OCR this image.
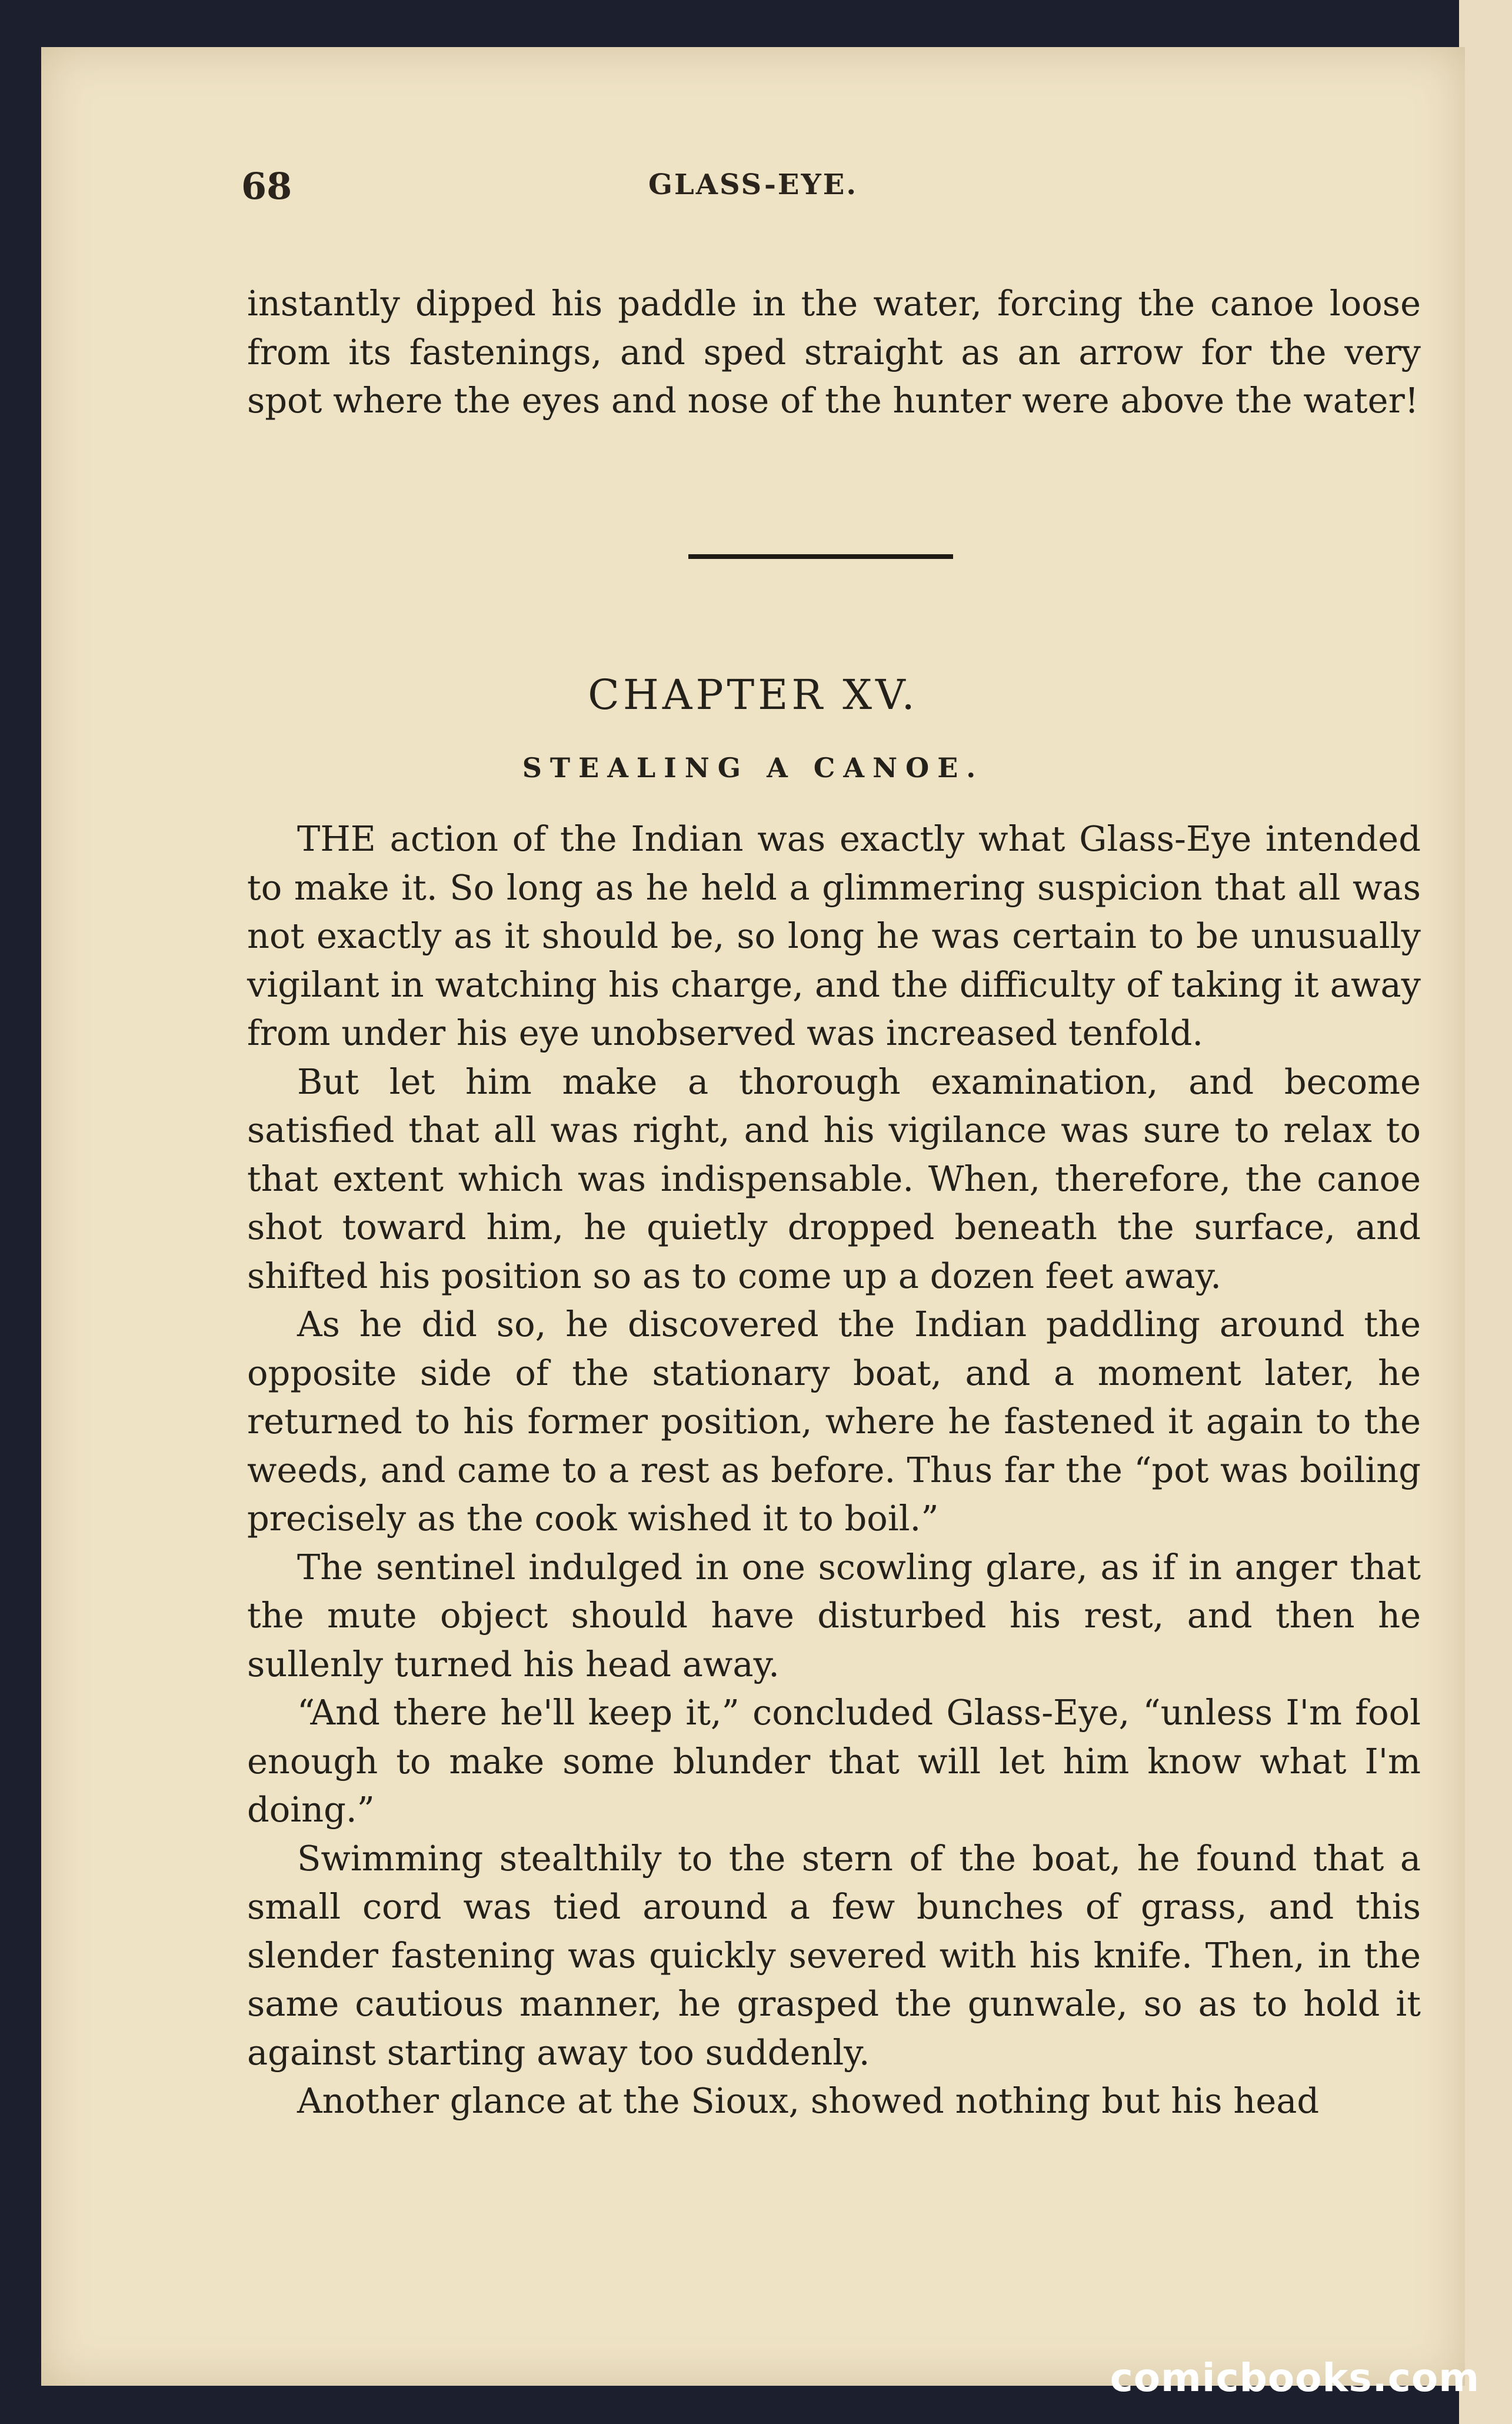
68	GLASS-EYE.

instantly dipped his paddle in the water, forcing the canoe loose from its fastenings, and sped straight as an arrow for the very spot where the eyes and nose of the hunter were above the water!

CHAPTER XV.
STEALING A CANOE.

THE action of the Indian was exactly what Glass-Eye intended to make it. So long as he held a glimmering suspicion that all was not exactly as it should be, so long he was certain to be unusually vigilant in watching his charge, and the difficulty of taking it away from under his eye unobserved was increased tenfold.

But let him make a thorough examination, and become satisfied that all was right, and his vigilance was sure to relax to that extent which was indispensable. When, therefore, the canoe shot toward him, he quietly dropped beneath the surface, and shifted his position so as to come up a dozen feet away.

As he did so, he discovered the Indian paddling around the opposite side of the stationary boat, and a moment later, he returned to his former position, where he fastened it again to the weeds, and came to a rest as before. Thus far the “pot was boiling precisely as the cook wished it to boil.”

The sentinel indulged in one scowling glare, as if in anger that the mute object should have disturbed his rest, and then he sullenly turned his head away.

“And there he'll keep it,” concluded Glass-Eye, “unless I'm fool enough to make some blunder that will let him know what I'm doing.”

Swimming stealthily to the stern of the boat, he found that a small cord was tied around a few bunches of grass, and this slender fastening was quickly severed with his knife. Then, in the same cautious manner, he grasped the gunwale, so as to hold it against starting away too suddenly.

Another glance at the Sioux, showed nothing but his head

comicbooks.com
